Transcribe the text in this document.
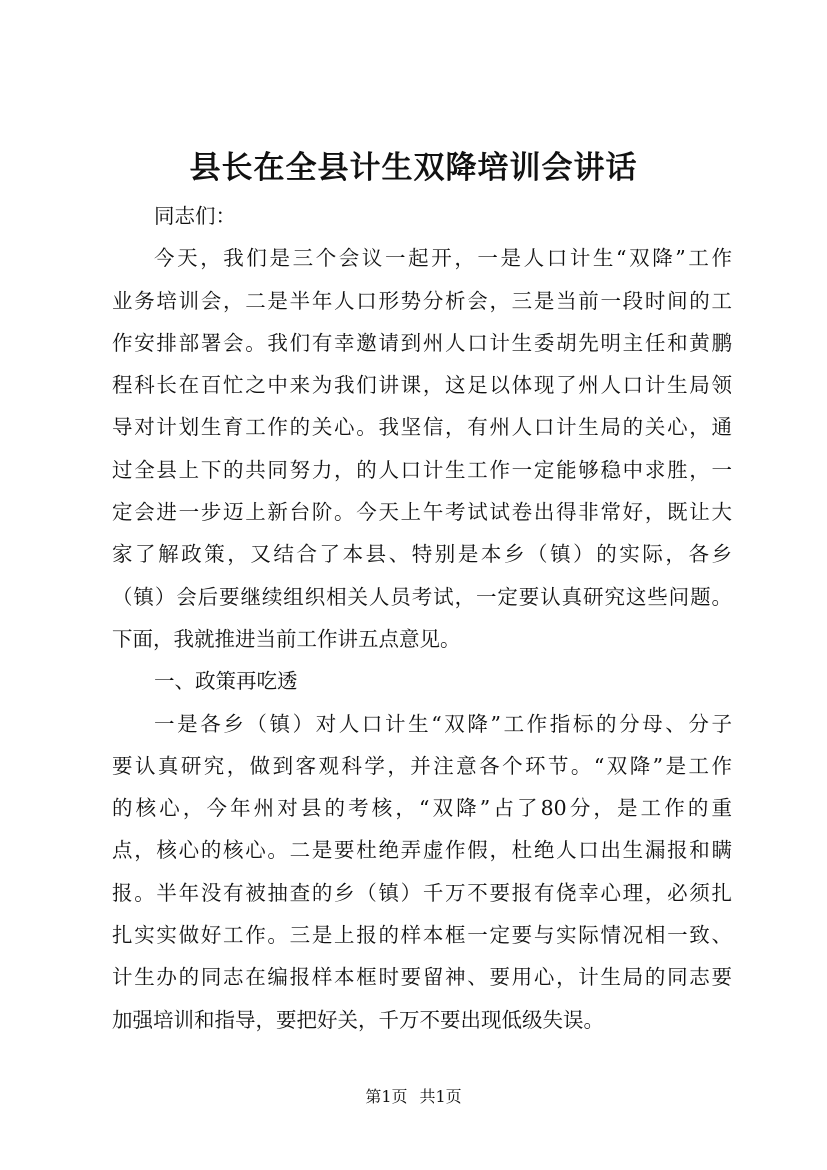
县长在全县计生双降培训会讲话
同志们：
今天，我们是三个会议一起开，一是人口计生“双降”工作
业务培训会，二是半年人口形势分析会，三是当前一段时间的工
作安排部署会。我们有幸邀请到州人口计生委胡先明主任和黄鹏
程科长在百忙之中来为我们讲课，这足以体现了州人口计生局领
导对计划生育工作的关心。我坚信，有州人口计生局的关心，通
过全县上下的共同努力，的人口计生工作一定能够稳中求胜，一
定会进一步迈上新台阶。今天上午考试试卷出得非常好，既让大
家了解政策，又结合了本县、特别是本乡（镇）的实际，各乡
（镇）会后要继续组织相关人员考试，一定要认真研究这些问题。
下面，我就推进当前工作讲五点意见。
一、政策再吃透
一是各乡（镇）对人口计生“双降”工作指标的分母、分子
要认真研究，做到客观科学，并注意各个环节。“双降”是工作
的核心，今年州对县的考核，“双降”占了80分，是工作的重
点，核心的核心。二是要杜绝弄虚作假，杜绝人口出生漏报和瞒
报。半年没有被抽查的乡（镇）千万不要报有侥幸心理，必须扎
扎实实做好工作。三是上报的样本框一定要与实际情况相一致、
计生办的同志在编报样本框时要留神、要用心，计生局的同志要
加强培训和指导，要把好关，千万不要出现低级失误。
第1页 共1页
